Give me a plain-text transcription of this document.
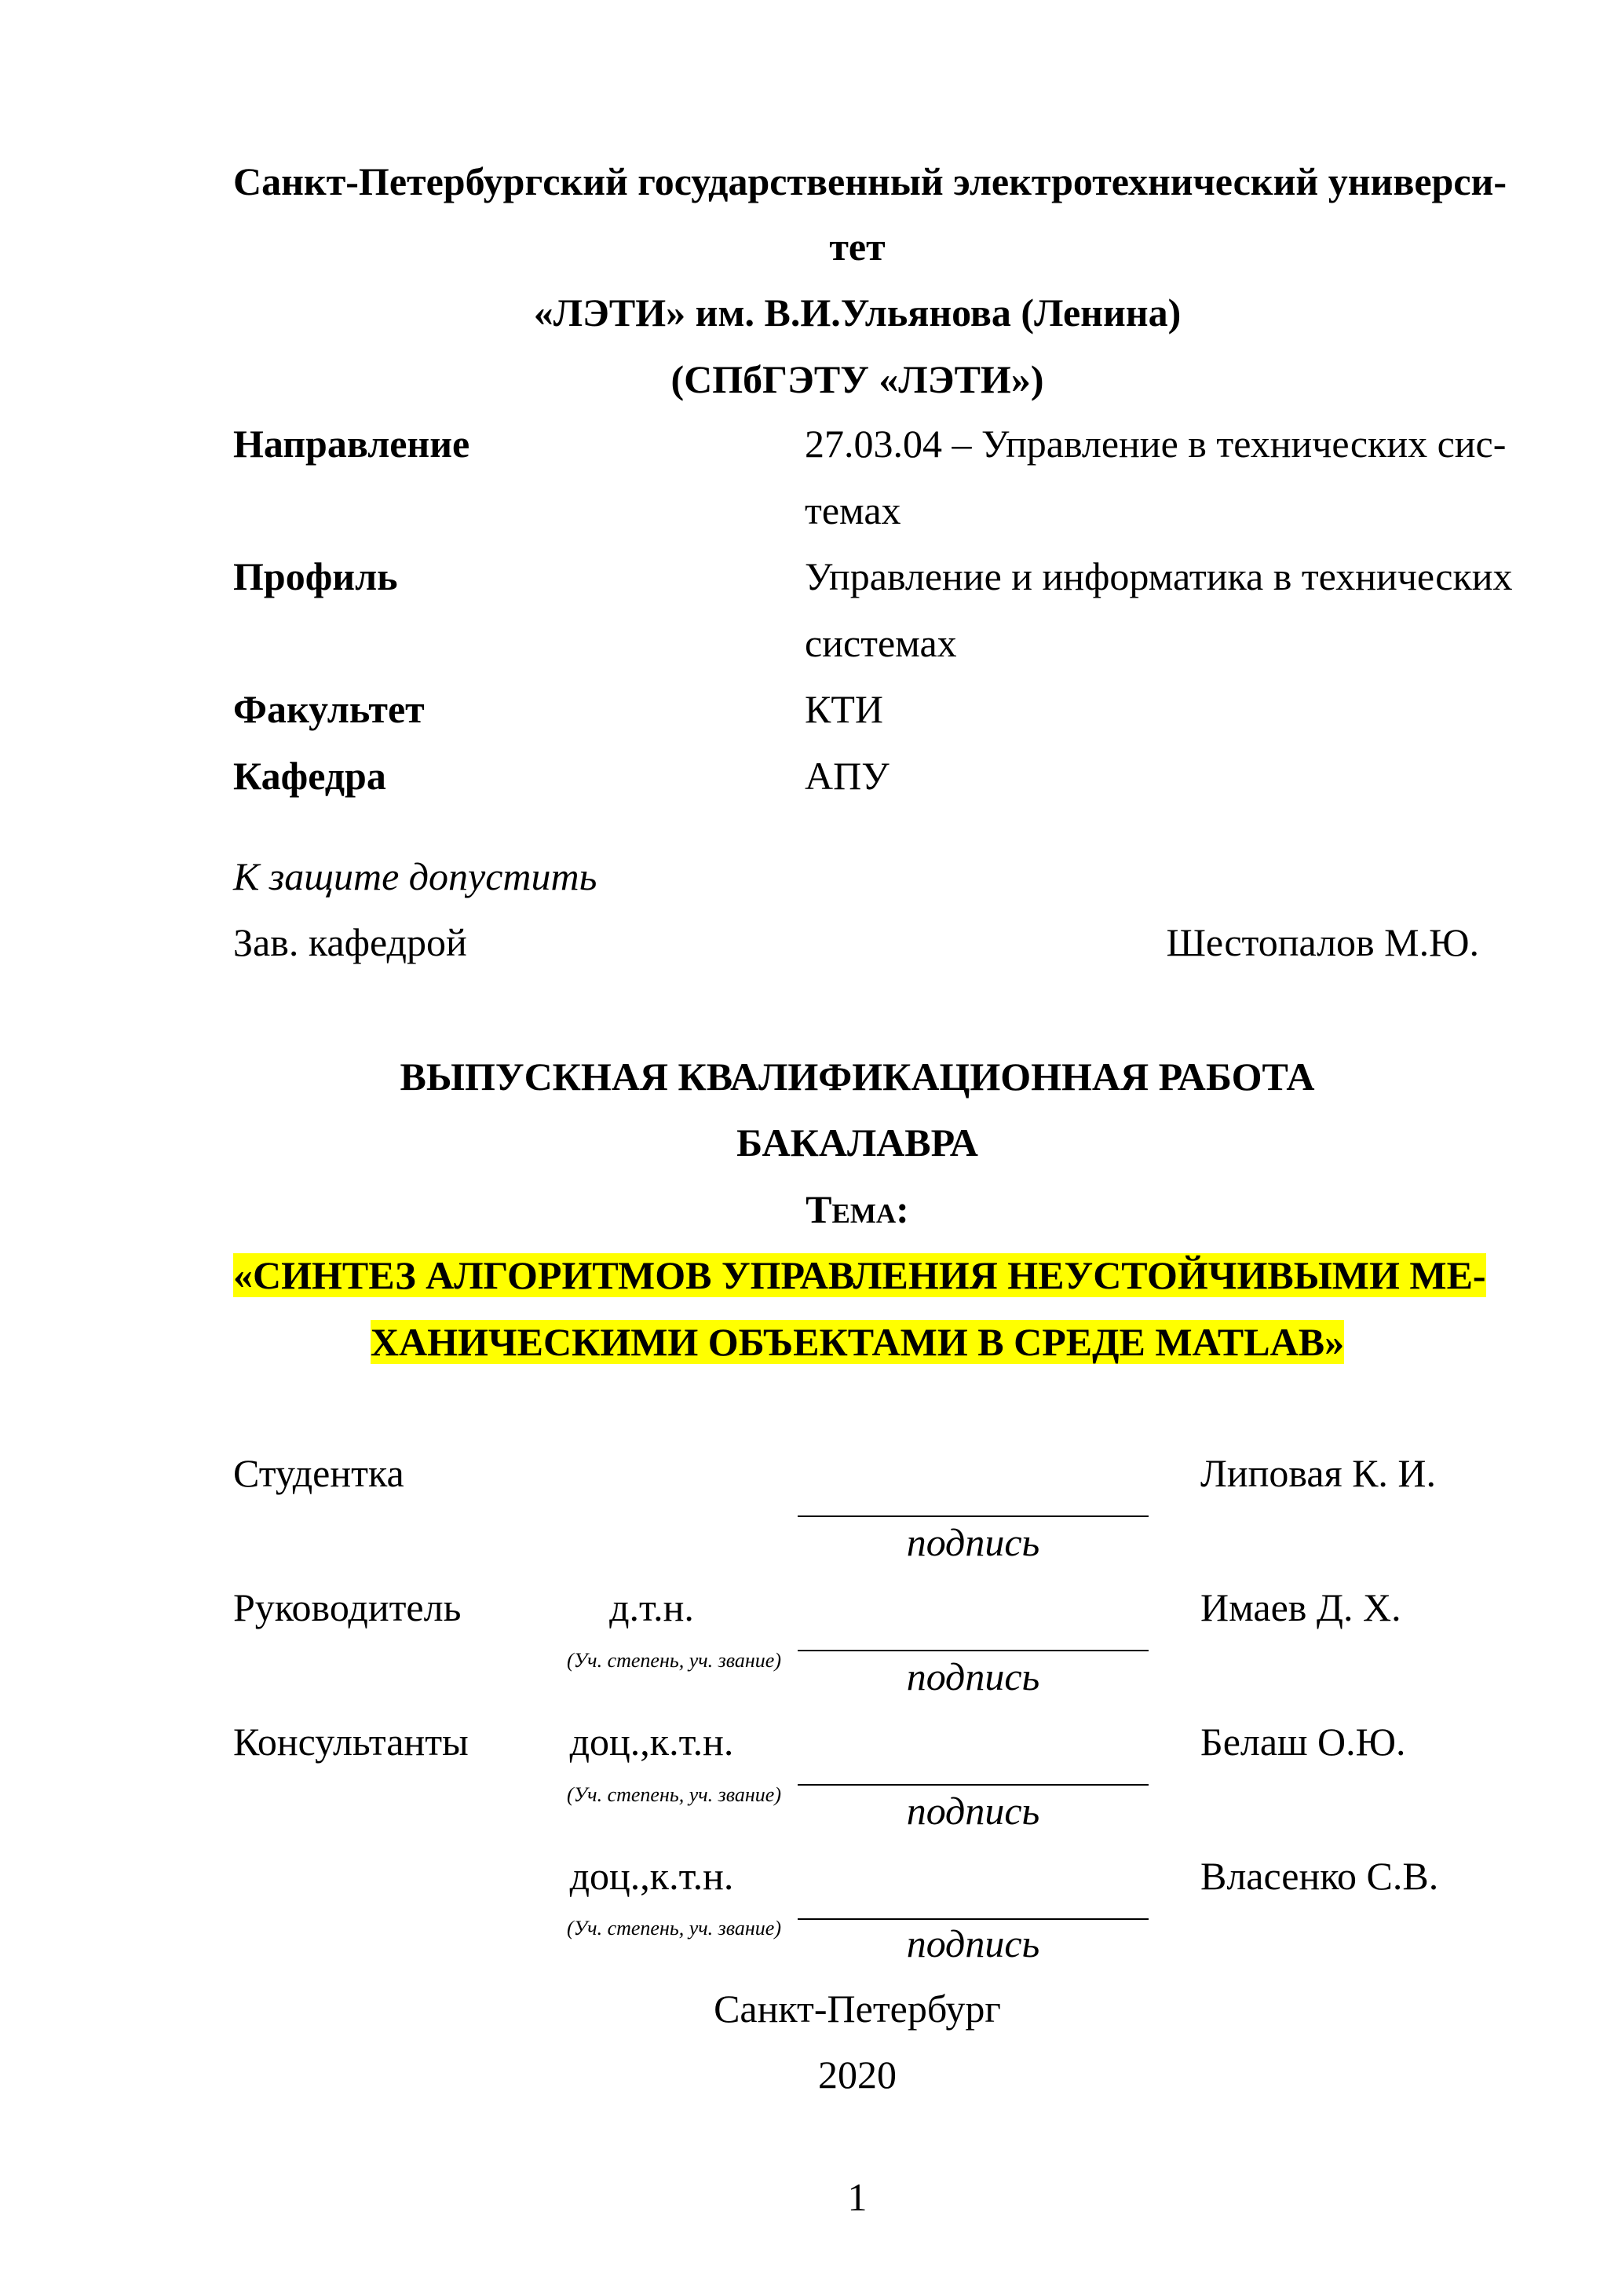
Санкт-Петербургский государственный электротехнический универси-
тет
«ЛЭТИ» им. В.И.Ульянова (Ленина)
(СПбГЭТУ «ЛЭТИ»)
Направление	27.03.04 – Управление в технических сис-
темах
Профиль	Управление и информатика в технических
системах
Факультет	КТИ
Кафедра	АПУ
К защите допустить
Зав. кафедрой	Шестопалов М.Ю.
ВЫПУСКНАЯ КВАЛИФИКАЦИОННАЯ РАБОТА
БАКАЛАВРА
Тема:
«СИНТЕЗ АЛГОРИТМОВ УПРАВЛЕНИЯ НЕУСТОЙЧИВЫМИ МЕ-
ХАНИЧЕСКИМИ ОБЪЕКТАМИ В СРЕДЕ MATLAB»
Студентка	Липовая К. И.
подпись
Руководитель	д.т.н.	Имаев Д. Х.
(Уч. степень, уч. звание)	подпись
Консультанты	доц.,к.т.н.	Белаш О.Ю.
(Уч. степень, уч. звание)	подпись
доц.,к.т.н.	Власенко С.В.
(Уч. степень, уч. звание)	подпись
Санкт-Петербург
2020
1
